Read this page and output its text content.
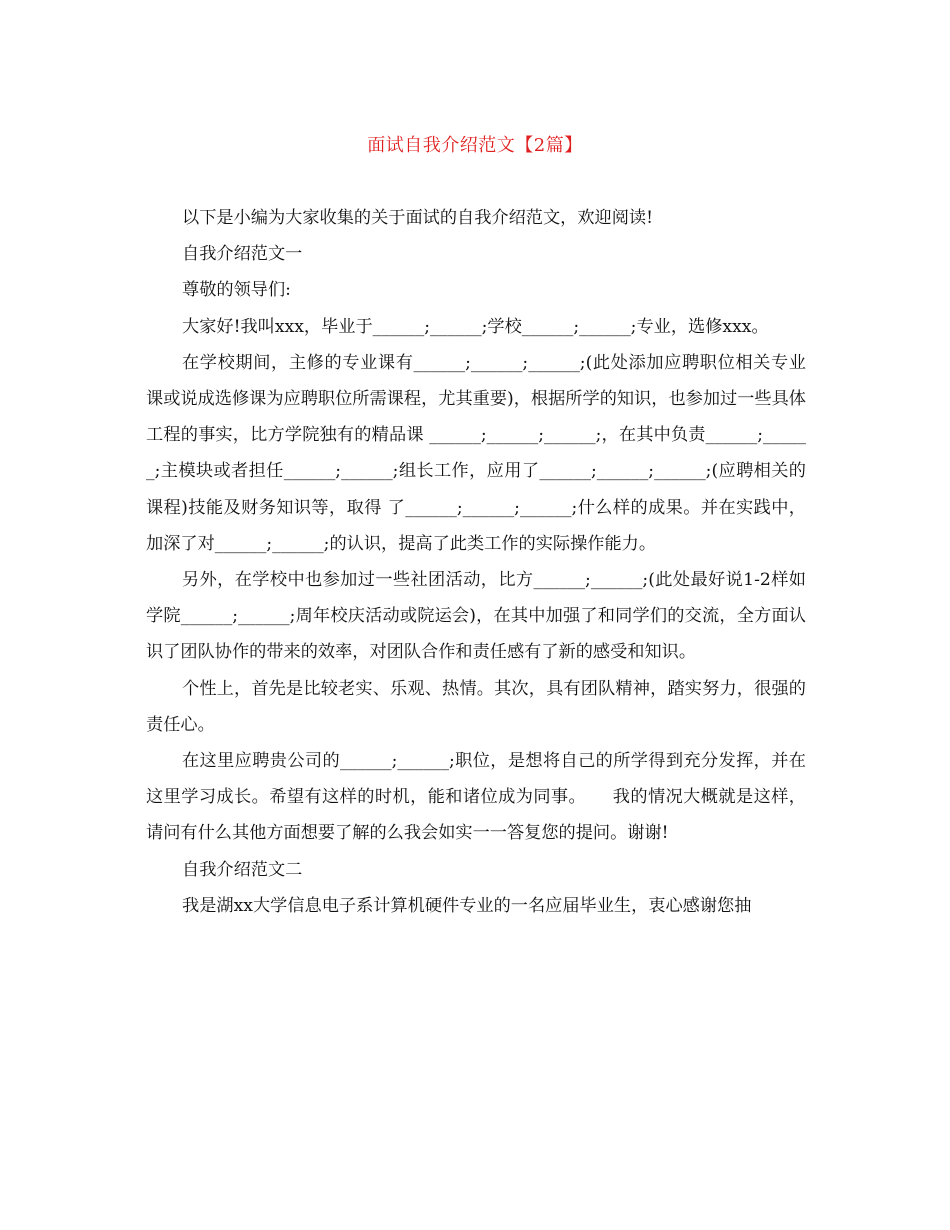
面试自我介绍范文【2篇】

以下是小编为大家收集的关于面试的自我介绍范文，欢迎阅读!

自我介绍范文一

尊敬的领导们:

大家好!我叫xxx，毕业于______;______;学校______;______;专业，选修xxx。

在学校期间，主修的专业课有______;______;______;(此处添加应聘职位相关专业课或说成选修课为应聘职位所需课程，尤其重要)，根据所学的知识，也参加过一些具体工程的事实，比方学院独有的精品课 ______;______;______;，在其中负责______;______;主模块或者担任______;______;组长工作，应用了______;______;______;(应聘相关的课程)技能及财务知识等，取得 了______;______;______;什么样的成果。并在实践中，加深了对______;______;的认识，提高了此类工作的实际操作能力。

另外，在学校中也参加过一些社团活动，比方______;______;(此处最好说1-2样如学院______;______;周年校庆活动或院运会)，在其中加强了和同学们的交流，全方面认识了团队协作的带来的效率，对团队合作和责任感有了新的感受和知识。

个性上，首先是比较老实、乐观、热情。其次，具有团队精神，踏实努力，很强的责任心。

在这里应聘贵公司的______;______;职位，是想将自己的所学得到充分发挥，并在这里学习成长。希望有这样的时机，能和诸位成为同事。　　我的情况大概就是这样，请问有什么其他方面想要了解的么我会如实一一答复您的提问。谢谢!

自我介绍范文二

我是湖xx大学信息电子系计算机硬件专业的一名应届毕业生，衷心感谢您抽
